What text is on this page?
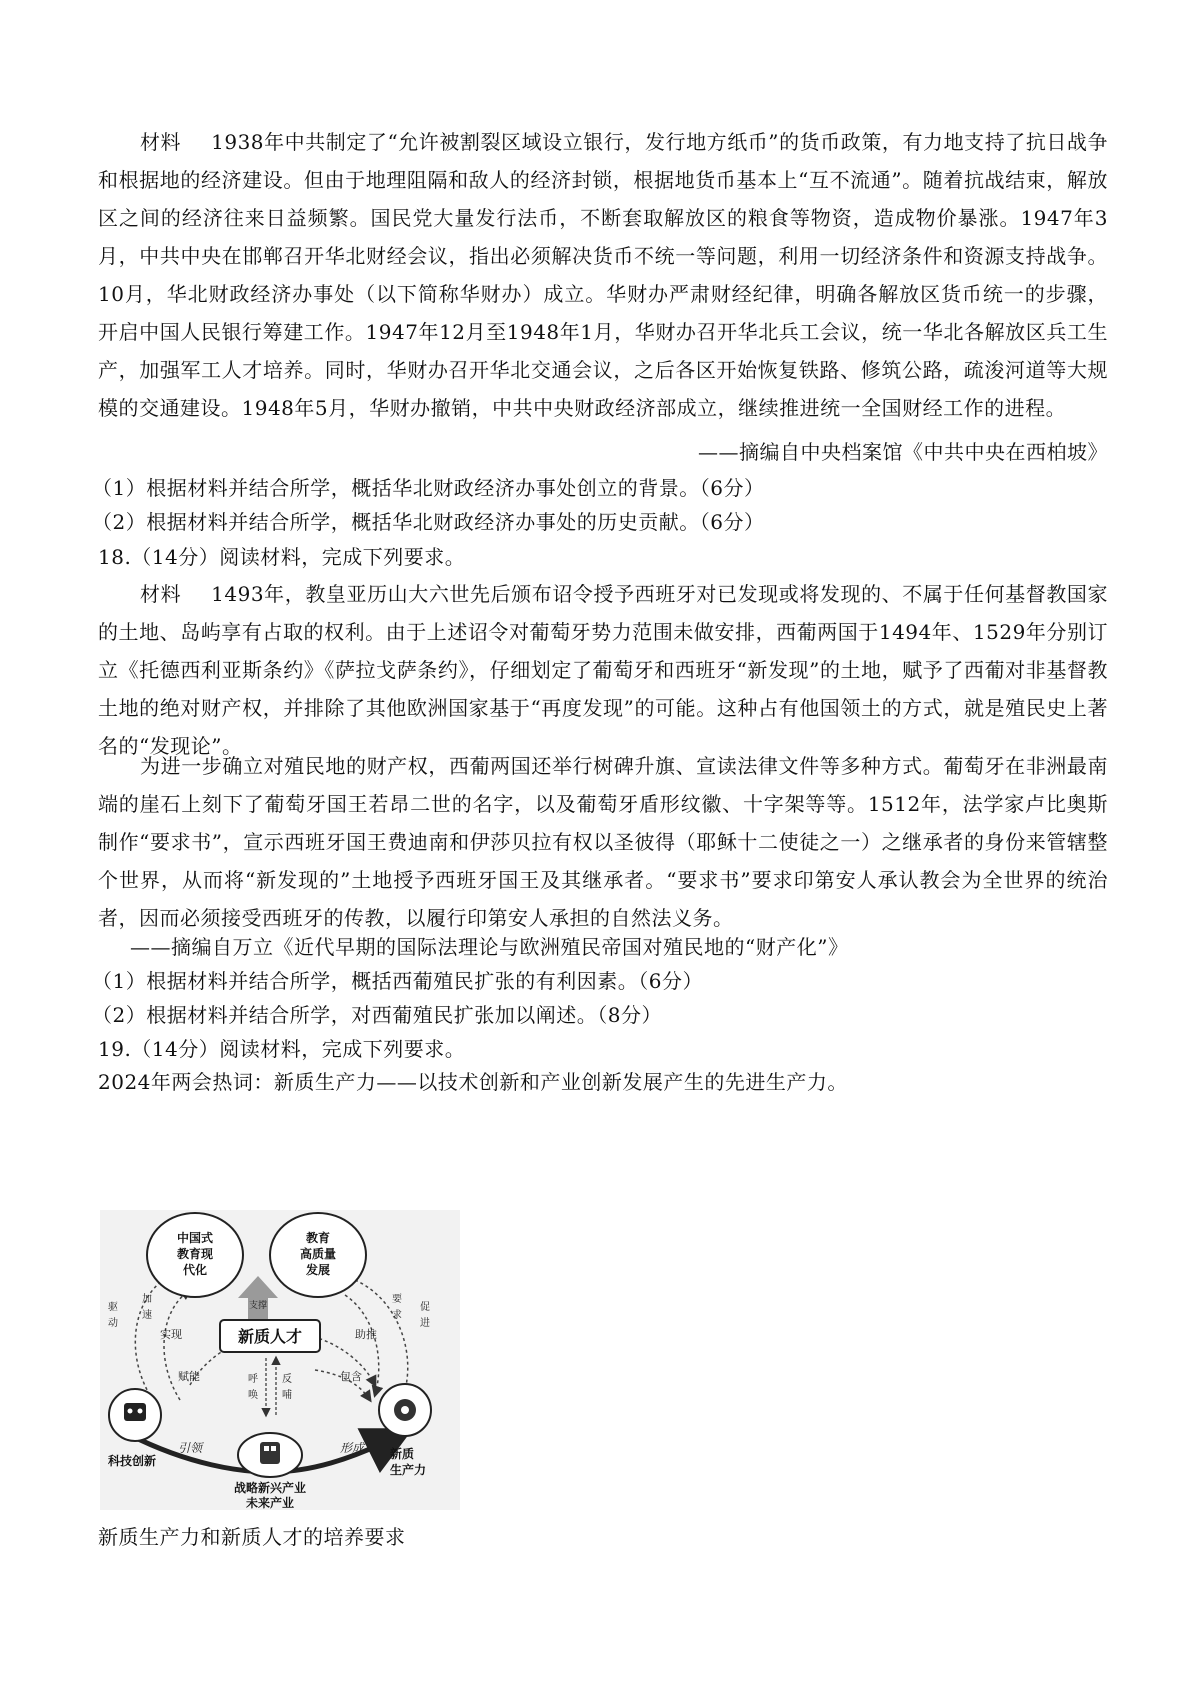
材料 1938年中共制定了“允许被割裂区域设立银行，发行地方纸币”的货币政策，有力地支持了抗日战争和根据地的经济建设。但由于地理阻隔和敌人的经济封锁，根据地货币基本上“互不流通”。随着抗战结束，解放区之间的经济往来日益频繁。国民党大量发行法币，不断套取解放区的粮食等物资，造成物价暴涨。1947年3月，中共中央在邯郸召开华北财经会议，指出必须解决货币不统一等问题，利用一切经济条件和资源支持战争。10月，华北财政经济办事处（以下简称华财办）成立。华财办严肃财经纪律，明确各解放区货币统一的步骤，开启中国人民银行筹建工作。1947年12月至1948年1月，华财办召开华北兵工会议，统一华北各解放区兵工生产，加强军工人才培养。同时，华财办召开华北交通会议，之后各区开始恢复铁路、修筑公路，疏浚河道等大规模的交通建设。1948年5月，华财办撤销，中共中央财政经济部成立，继续推进统一全国财经工作的进程。
——摘编自中央档案馆《中共中央在西柏坡》
（1）根据材料并结合所学，概括华北财政经济办事处创立的背景。（6分）
（2）根据材料并结合所学，概括华北财政经济办事处的历史贡献。（6分）
18.（14分）阅读材料，完成下列要求。
材料 1493年，教皇亚历山大六世先后颁布诏令授予西班牙对已发现或将发现的、不属于任何基督教国家的土地、岛屿享有占取的权利。由于上述诏令对葡萄牙势力范围未做安排，西葡两国于1494年、1529年分别订立《托德西利亚斯条约》《萨拉戈萨条约》，仔细划定了葡萄牙和西班牙“新发现”的土地，赋予了西葡对非基督教土地的绝对财产权，并排除了其他欧洲国家基于“再度发现”的可能。这种占有他国领土的方式，就是殖民史上著名的“发现论”。
为进一步确立对殖民地的财产权，西葡两国还举行树碑升旗、宣读法律文件等多种方式。葡萄牙在非洲最南端的崖石上刻下了葡萄牙国王若昂二世的名字，以及葡萄牙盾形纹徽、十字架等等。1512年，法学家卢比奥斯制作“要求书”，宣示西班牙国王费迪南和伊莎贝拉有权以圣彼得（耶稣十二使徒之一）之继承者的身份来管辖整个世界，从而将“新发现的”土地授予西班牙国王及其继承者。“要求书”要求印第安人承认教会为全世界的统治者，因而必须接受西班牙的传教，以履行印第安人承担的自然法义务。
——摘编自万立《近代早期的国际法理论与欧洲殖民帝国对殖民地的“财产化”》
（1）根据材料并结合所学，概括西葡殖民扩张的有利因素。（6分）
（2）根据材料并结合所学，对西葡殖民扩张加以阐述。（8分）
19.（14分）阅读材料，完成下列要求。
2024年两会热词：新质生产力——以技术创新和产业创新发展产生的先进生产力。
中国式
教育现
代化
教育
高质量
发展
支撑
新质人才
驱
动
加
速
要
求
促
进
实现	助推
赋能	包含
呼
唤
反
哺
引领	形成
科技创新	新质
生产力
战略新兴产业
未来产业
新质生产力和新质人才的培养要求
